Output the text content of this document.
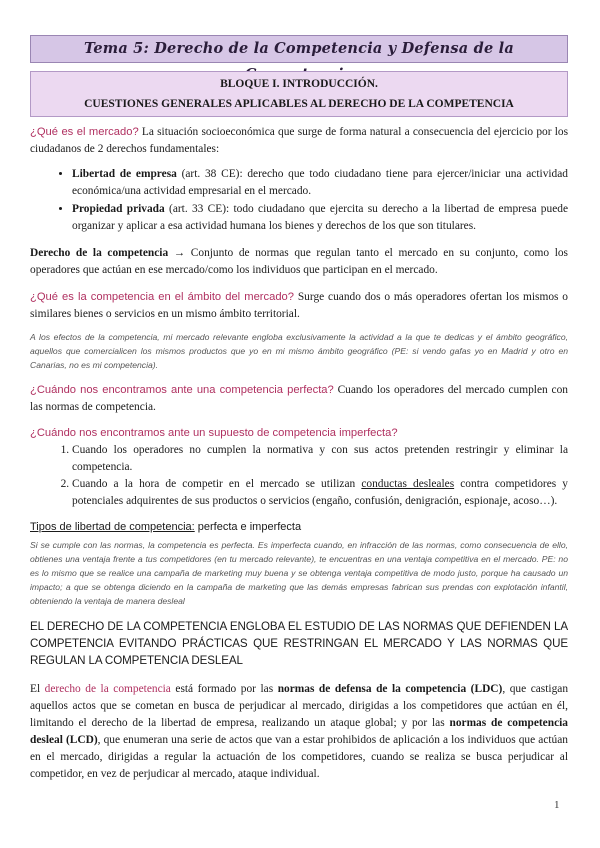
Tema 5: Derecho de la Competencia y Defensa de la
BLOQUE I. INTRODUCCIÓN.
CUESTIONES GENERALES APLICABLES AL DERECHO DE LA COMPETENCIA

¿Qué es el mercado? La situación socioeconómica que surge de forma natural a consecuencia del ejercicio por los ciudadanos de 2 derechos fundamentales:

• Libertad de empresa (art. 38 CE): derecho que todo ciudadano tiene para ejercer/iniciar una actividad económica/una actividad empresarial en el mercado.
• Propiedad privada (art. 33 CE): todo ciudadano que ejercita su derecho a la libertad de empresa puede organizar y aplicar a esa actividad humana los bienes y derechos de los que son titulares.

Derecho de la competencia → Conjunto de normas que regulan tanto el mercado en su conjunto, como los operadores que actúan en ese mercado/como los individuos que participan en el mercado.

¿Qué es la competencia en el ámbito del mercado? Surge cuando dos o más operadores ofertan los mismos o similares bienes o servicios en un mismo ámbito territorial.

A los efectos de la competencia, mi mercado relevante engloba exclusivamente la actividad a la que te dedicas y el ámbito geográfico, aquellos que comercialicen los mismos productos que yo en mi mismo ámbito geográfico (PE: si vendo gafas yo en Madrid y otro en Canarias, no es mi competencia).

¿Cuándo nos encontramos ante una competencia perfecta? Cuando los operadores del mercado cumplen con las normas de competencia.

¿Cuándo nos encontramos ante un supuesto de competencia imperfecta?

1. Cuando los operadores no cumplen la normativa y con sus actos pretenden restringir y eliminar la competencia.
2. Cuando a la hora de competir en el mercado se utilizan conductas desleales contra competidores y potenciales adquirentes de sus productos o servicios (engaño, confusión, denigración, espionaje, acoso…).

Tipos de libertad de competencia: perfecta e imperfecta

Si se cumple con las normas, la competencia es perfecta. Es imperfecta cuando, en infracción de las normas, como consecuencia de ello, obtienes una ventaja frente a tus competidores (en tu mercado relevante), te encuentras en una ventaja competitiva en el mercado. PE: no es lo mismo que se realice una campaña de marketing muy buena y se obtenga ventaja competitiva de modo justo, porque ha causado un impacto; a que se obtenga diciendo en la campaña de marketing que las demás empresas fabrican sus prendas con explotación infantil, obteniendo la ventaja de manera desleal

EL DERECHO DE LA COMPETENCIA ENGLOBA EL ESTUDIO DE LAS NORMAS QUE DEFIENDEN LA COMPETENCIA EVITANDO PRÁCTICAS QUE RESTRINGAN EL MERCADO Y LAS NORMAS QUE REGULAN LA COMPETENCIA DESLEAL

El derecho de la competencia está formado por las normas de defensa de la competencia (LDC), que castigan aquellos actos que se cometan en busca de perjudicar al mercado, dirigidas a los competidores que actúan en él, limitando el derecho de la libertad de empresa, realizando un ataque global; y por las normas de competencia desleal (LCD), que enumeran una serie de actos que van a estar prohibidos de aplicación a los individuos que actúan en el mercado, dirigidas a regular la actuación de los competidores, cuando se realiza se busca perjudicar al competidor, en vez de perjudicar al mercado, ataque individual.

1
